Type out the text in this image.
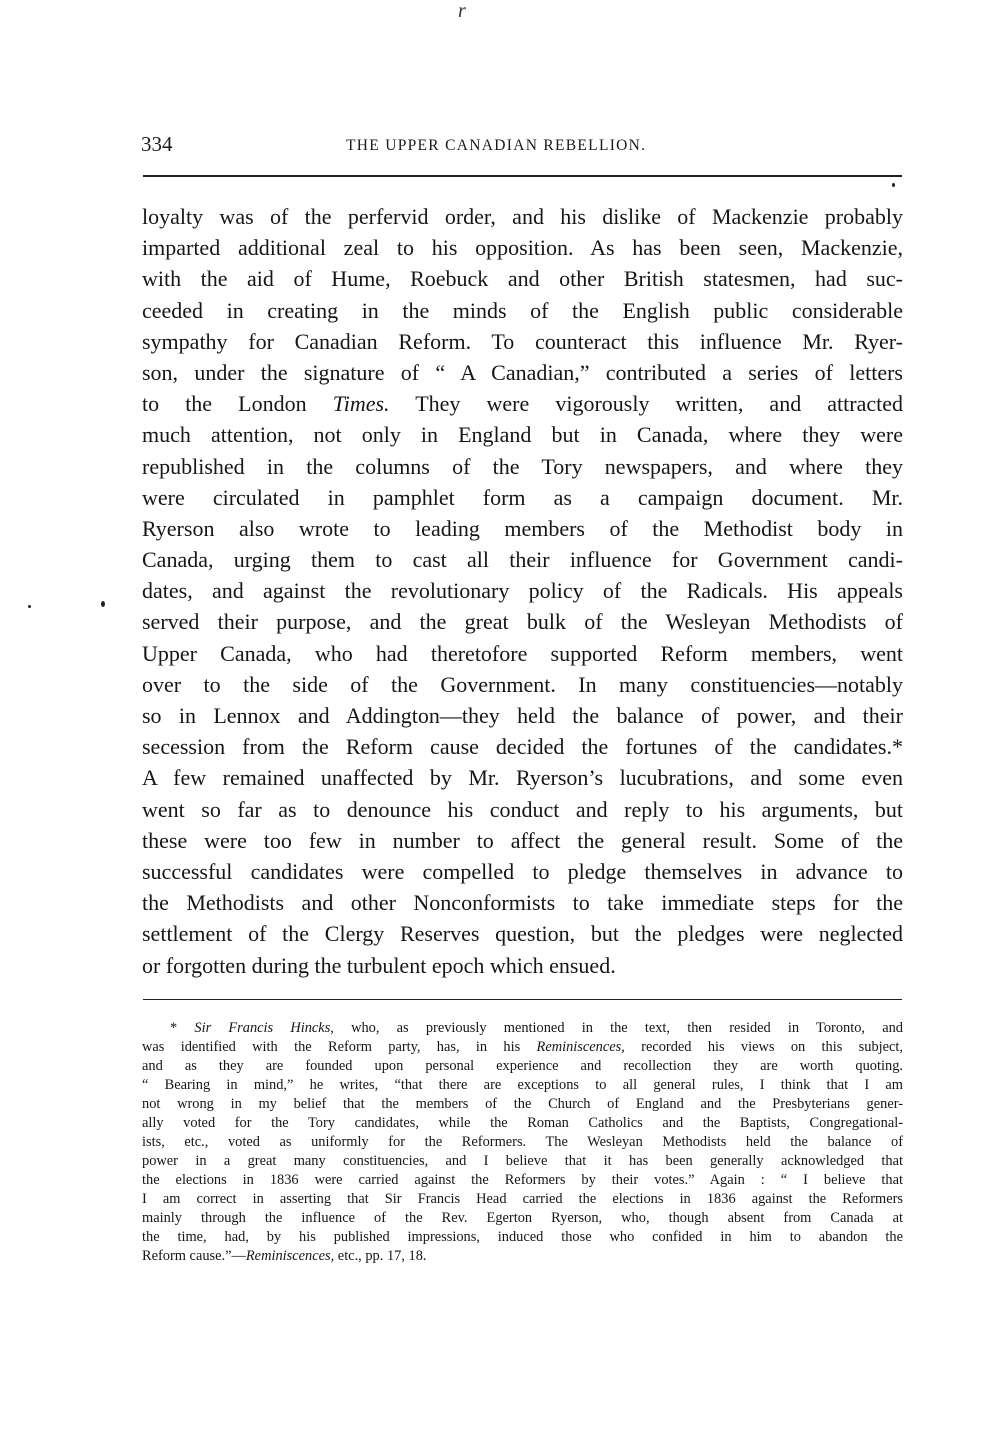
r
334	THE UPPER CANADIAN REBELLION.
loyalty was of the perfervid order, and his dislike of Mackenzie probably
imparted additional zeal to his opposition. As has been seen, Mackenzie,
with the aid of Hume, Roebuck and other British statesmen, had suc-
ceeded in creating in the minds of the English public considerable
sympathy for Canadian Reform. To counteract this influence Mr. Ryer-
son, under the signature of “ A Canadian,” contributed a series of letters
to the London Times. They were vigorously written, and attracted
much attention, not only in England but in Canada, where they were
republished in the columns of the Tory newspapers, and where they
were circulated in pamphlet form as a campaign document. Mr.
Ryerson also wrote to leading members of the Methodist body in
Canada, urging them to cast all their influence for Government candi-
dates, and against the revolutionary policy of the Radicals. His appeals
served their purpose, and the great bulk of the Wesleyan Methodists of
Upper Canada, who had theretofore supported Reform members, went
over to the side of the Government. In many constituencies—notably
so in Lennox and Addington—they held the balance of power, and their
secession from the Reform cause decided the fortunes of the candidates.*
A few remained unaffected by Mr. Ryerson’s lucubrations, and some even
went so far as to denounce his conduct and reply to his arguments, but
these were too few in number to affect the general result. Some of the
successful candidates were compelled to pledge themselves in advance to
the Methodists and other Nonconformists to take immediate steps for the
settlement of the Clergy Reserves question, but the pledges were neglected
or forgotten during the turbulent epoch which ensued.
* Sir Francis Hincks, who, as previously mentioned in the text, then resided in Toronto, and
was identified with the Reform party, has, in his Reminiscences, recorded his views on this subject,
and as they are founded upon personal experience and recollection they are worth quoting.
“ Bearing in mind,” he writes, “that there are exceptions to all general rules, I think that I am
not wrong in my belief that the members of the Church of England and the Presbyterians gener-
ally voted for the Tory candidates, while the Roman Catholics and the Baptists, Congregational-
ists, etc., voted as uniformly for the Reformers. The Wesleyan Methodists held the balance of
power in a great many constituencies, and I believe that it has been generally acknowledged that
the elections in 1836 were carried against the Reformers by their votes.” Again : “ I believe that
I am correct in asserting that Sir Francis Head carried the elections in 1836 against the Reformers
mainly through the influence of the Rev. Egerton Ryerson, who, though absent from Canada at
the time, had, by his published impressions, induced those who confided in him to abandon the
Reform cause.”—Reminiscences, etc., pp. 17, 18.
